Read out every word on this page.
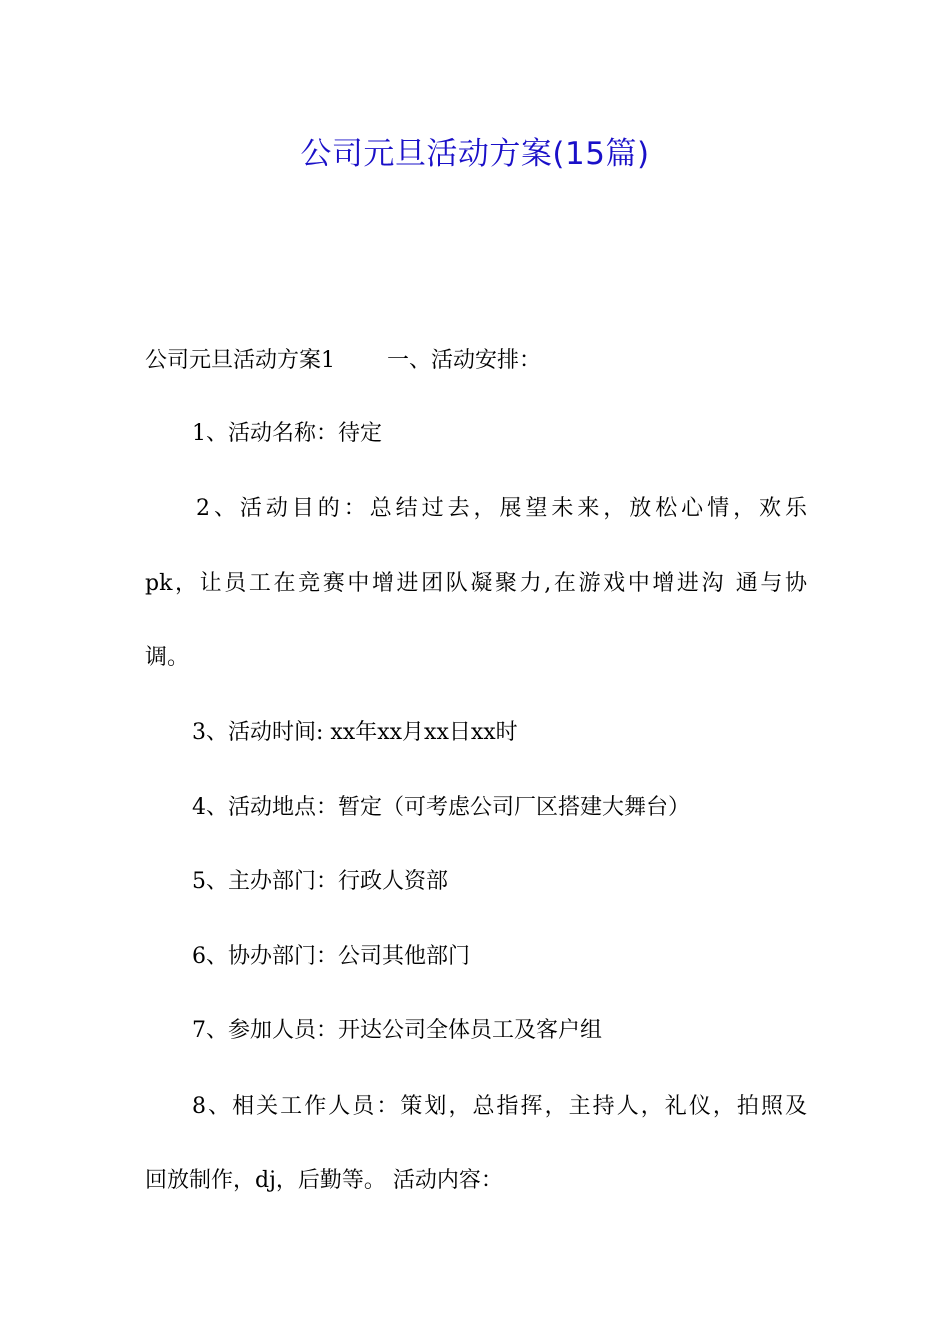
公司元旦活动方案(15篇)
公司元旦活动方案1 一、活动安排：
1、活动名称：待定
2、活动目的：总结过去，展望未来，放松心情，欢乐
pk，让员工在竞赛中增进团队凝聚力,在游戏中增进沟 通与协
调。
3、活动时间: xx年xx月xx日xx时
4、活动地点：暂定（可考虑公司厂区搭建大舞台）
5、主办部门：行政人资部
6、协办部门：公司其他部门
7、参加人员：开达公司全体员工及客户组
8、相关工作人员：策划，总指挥，主持人，礼仪，拍照及
回放制作，dj，后勤等。 活动内容：
